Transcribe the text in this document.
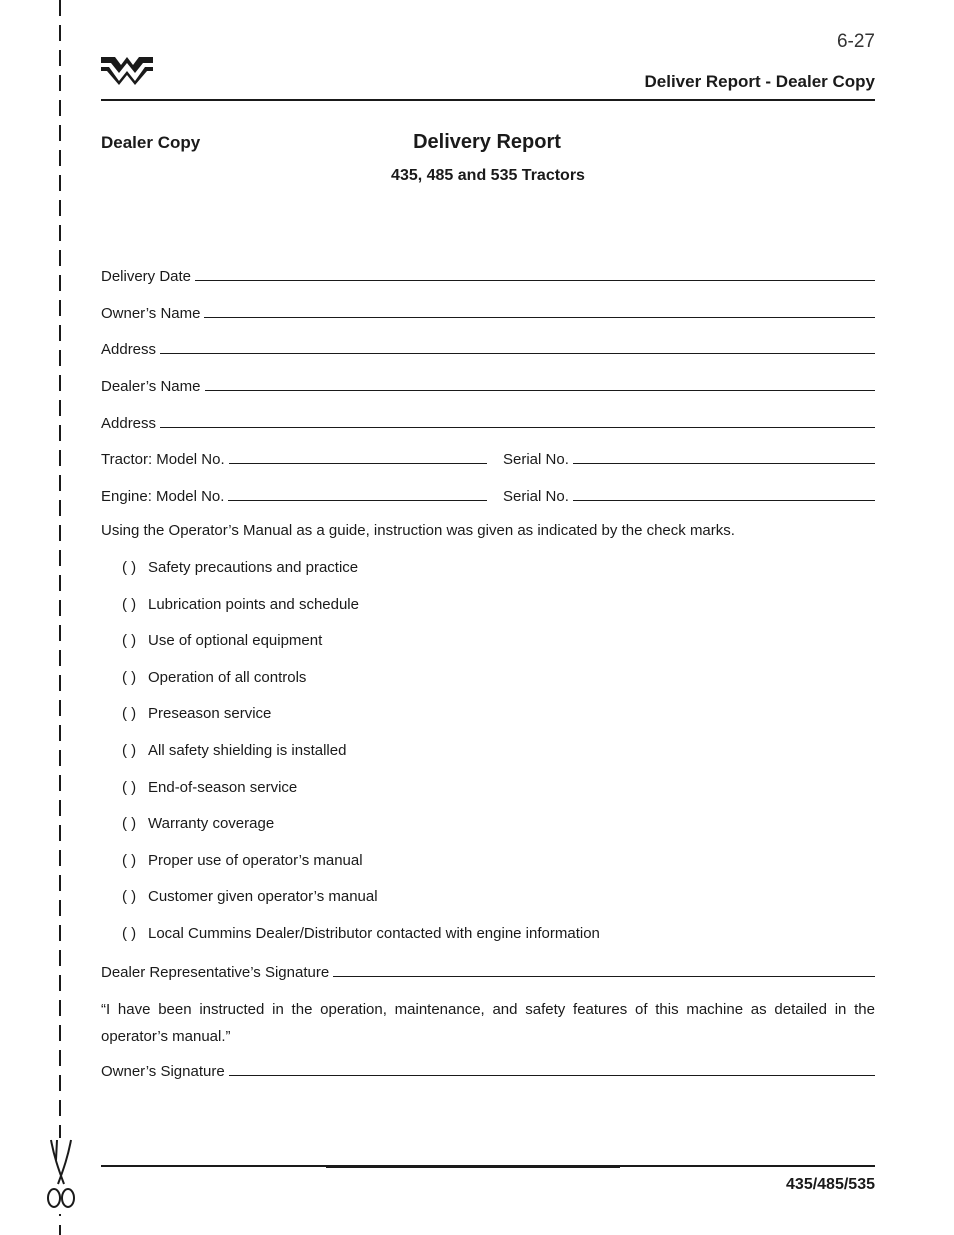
6-27
Deliver Report - Dealer Copy
Dealer Copy	Delivery Report
435, 485 and 535 Tractors
Delivery Date
Owner’s Name
Address
Dealer’s Name
Address
Tractor: Model No.	Serial No.
Engine: Model No.	Serial No.
Using the Operator’s Manual as a guide, instruction was given as indicated by the check marks.
( ) Safety precautions and practice
( ) Lubrication points and schedule
( ) Use of optional equipment
( ) Operation of all controls
( ) Preseason service
( ) All safety shielding is installed
( ) End-of-season service
( ) Warranty coverage
( ) Proper use of operator’s manual
( ) Customer given operator’s manual
( ) Local Cummins Dealer/Distributor contacted with engine information
Dealer Representative’s Signature
“I have been instructed in the operation, maintenance, and safety features of this machine as detailed in the operator’s manual.”
Owner’s Signature
435/485/535
